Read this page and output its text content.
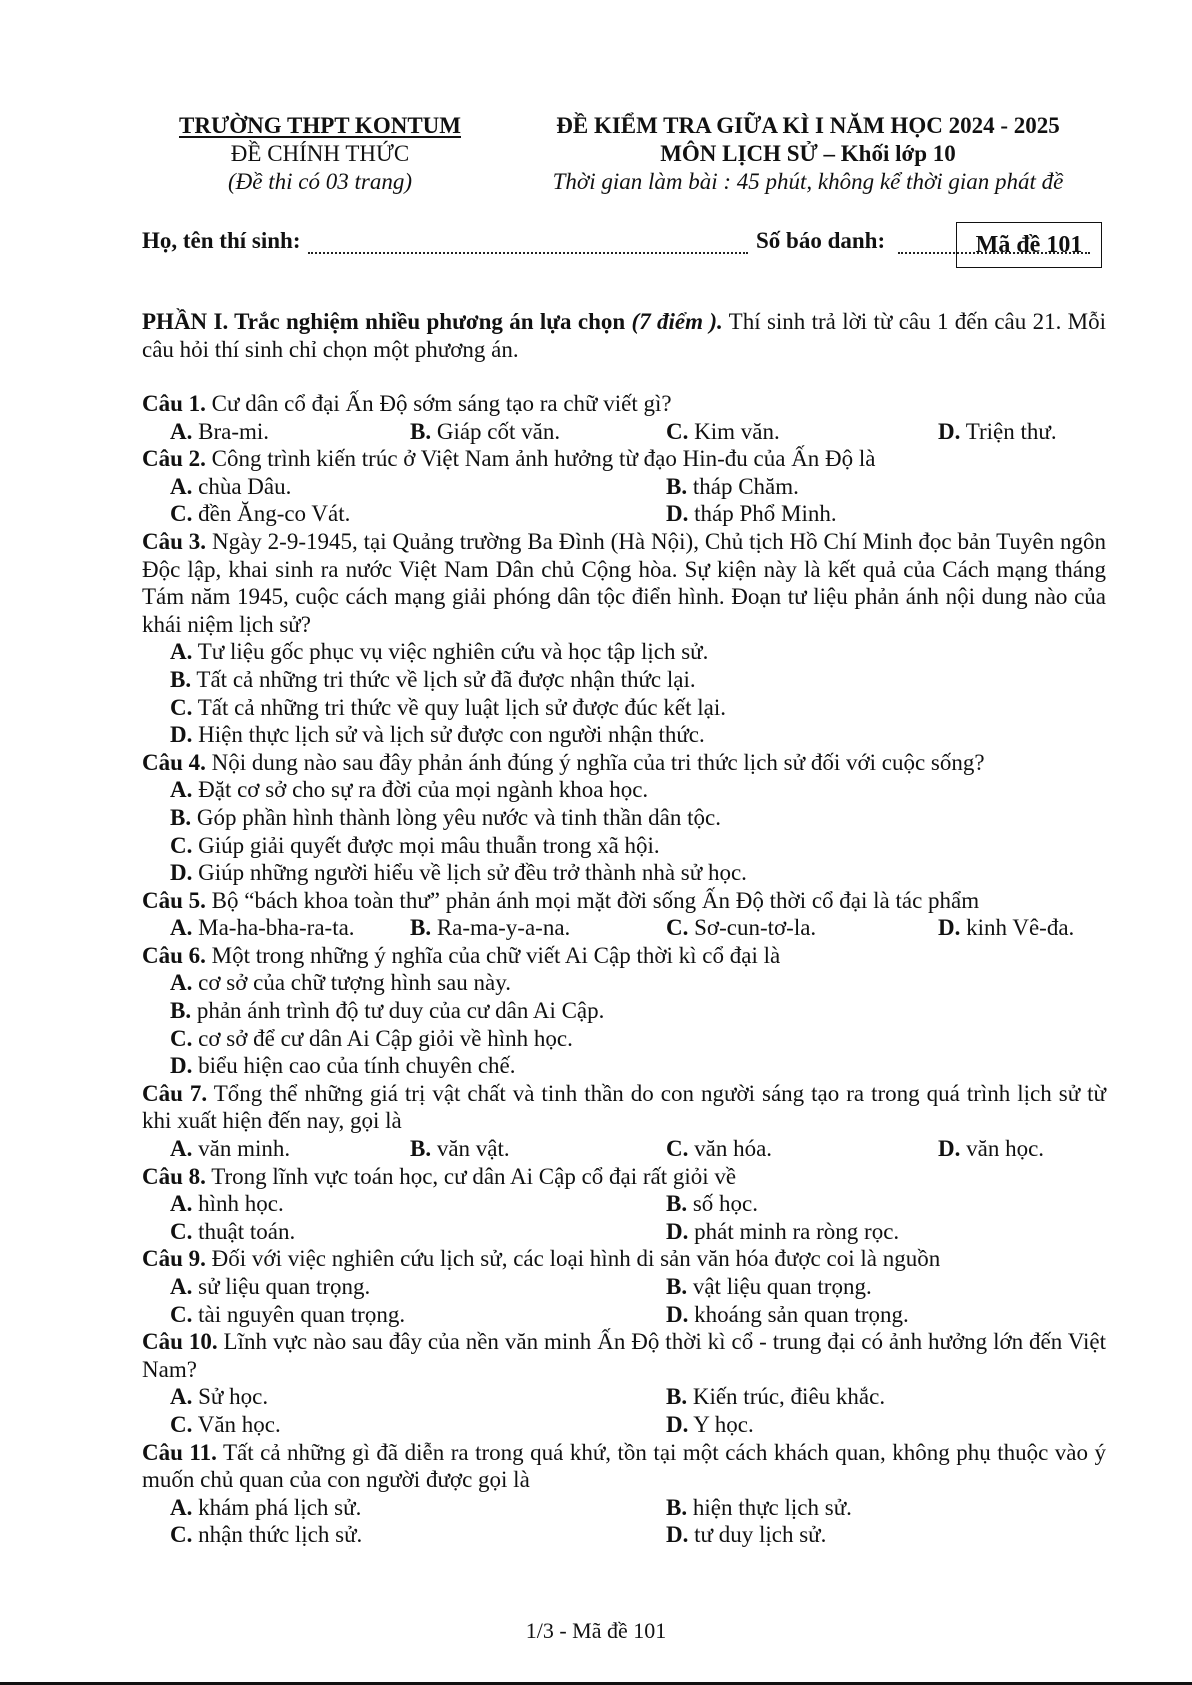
TRƯỜNG THPT KONTUM
ĐỀ CHÍNH THỨC
(Đề thi có 03 trang)
ĐỀ KIỂM TRA GIỮA KÌ I NĂM HỌC 2024 - 2025
MÔN LỊCH SỬ – Khối lớp 10
Thời gian làm bài : 45 phút, không kể thời gian phát đề
Họ, tên thí sinh:	Số báo danh:	Mã đề 101
PHẦN I. Trắc nghiệm nhiều phương án lựa chọn (7 điểm ). Thí sinh trả lời từ câu 1 đến câu 21. Mỗi câu hỏi thí sinh chỉ chọn một phương án.
Câu 1. Cư dân cổ đại Ấn Độ sớm sáng tạo ra chữ viết gì?
A. Bra-mi.	B. Giáp cốt văn.	C. Kim văn.	D. Triện thư.
Câu 2. Công trình kiến trúc ở Việt Nam ảnh hưởng từ đạo Hin-đu của Ấn Độ là
A. chùa Dâu.	B. tháp Chăm.
C. đền Ăng-co Vát.	D. tháp Phổ Minh.
Câu 3. Ngày 2-9-1945, tại Quảng trường Ba Đình (Hà Nội), Chủ tịch Hồ Chí Minh đọc bản Tuyên ngôn Độc lập, khai sinh ra nước Việt Nam Dân chủ Cộng hòa. Sự kiện này là kết quả của Cách mạng tháng Tám năm 1945, cuộc cách mạng giải phóng dân tộc điển hình. Đoạn tư liệu phản ánh nội dung nào của khái niệm lịch sử?
A. Tư liệu gốc phục vụ việc nghiên cứu và học tập lịch sử.
B. Tất cả những tri thức về lịch sử đã được nhận thức lại.
C. Tất cả những tri thức về quy luật lịch sử được đúc kết lại.
D. Hiện thực lịch sử và lịch sử được con người nhận thức.
Câu 4. Nội dung nào sau đây phản ánh đúng ý nghĩa của tri thức lịch sử đối với cuộc sống?
A. Đặt cơ sở cho sự ra đời của mọi ngành khoa học.
B. Góp phần hình thành lòng yêu nước và tinh thần dân tộc.
C. Giúp giải quyết được mọi mâu thuẫn trong xã hội.
D. Giúp những người hiểu về lịch sử đều trở thành nhà sử học.
Câu 5. Bộ “bách khoa toàn thư” phản ánh mọi mặt đời sống Ấn Độ thời cổ đại là tác phẩm
A. Ma-ha-bha-ra-ta. B. Ra-ma-y-a-na.	C. Sơ-cun-tơ-la.	D. kinh Vê-đa.
Câu 6. Một trong những ý nghĩa của chữ viết Ai Cập thời kì cổ đại là
A. cơ sở của chữ tượng hình sau này.
B. phản ánh trình độ tư duy của cư dân Ai Cập.
C. cơ sở để cư dân Ai Cập giỏi về hình học.
D. biểu hiện cao của tính chuyên chế.
Câu 7. Tổng thể những giá trị vật chất và tinh thần do con người sáng tạo ra trong quá trình lịch sử từ khi xuất hiện đến nay, gọi là
A. văn minh.	B. văn vật.	C. văn hóa.	D. văn học.
Câu 8. Trong lĩnh vực toán học, cư dân Ai Cập cổ đại rất giỏi về
A. hình học.	B. số học.
C. thuật toán.	D. phát minh ra ròng rọc.
Câu 9. Đối với việc nghiên cứu lịch sử, các loại hình di sản văn hóa được coi là nguồn
A. sử liệu quan trọng.	B. vật liệu quan trọng.
C. tài nguyên quan trọng.	D. khoáng sản quan trọng.
Câu 10. Lĩnh vực nào sau đây của nền văn minh Ấn Độ thời kì cổ - trung đại có ảnh hưởng lớn đến Việt Nam?
A. Sử học.	B. Kiến trúc, điêu khắc.
C. Văn học.	D. Y học.
Câu 11. Tất cả những gì đã diễn ra trong quá khứ, tồn tại một cách khách quan, không phụ thuộc vào ý muốn chủ quan của con người được gọi là
A. khám phá lịch sử.	B. hiện thực lịch sử.
C. nhận thức lịch sử.	D. tư duy lịch sử.
1/3 - Mã đề 101
